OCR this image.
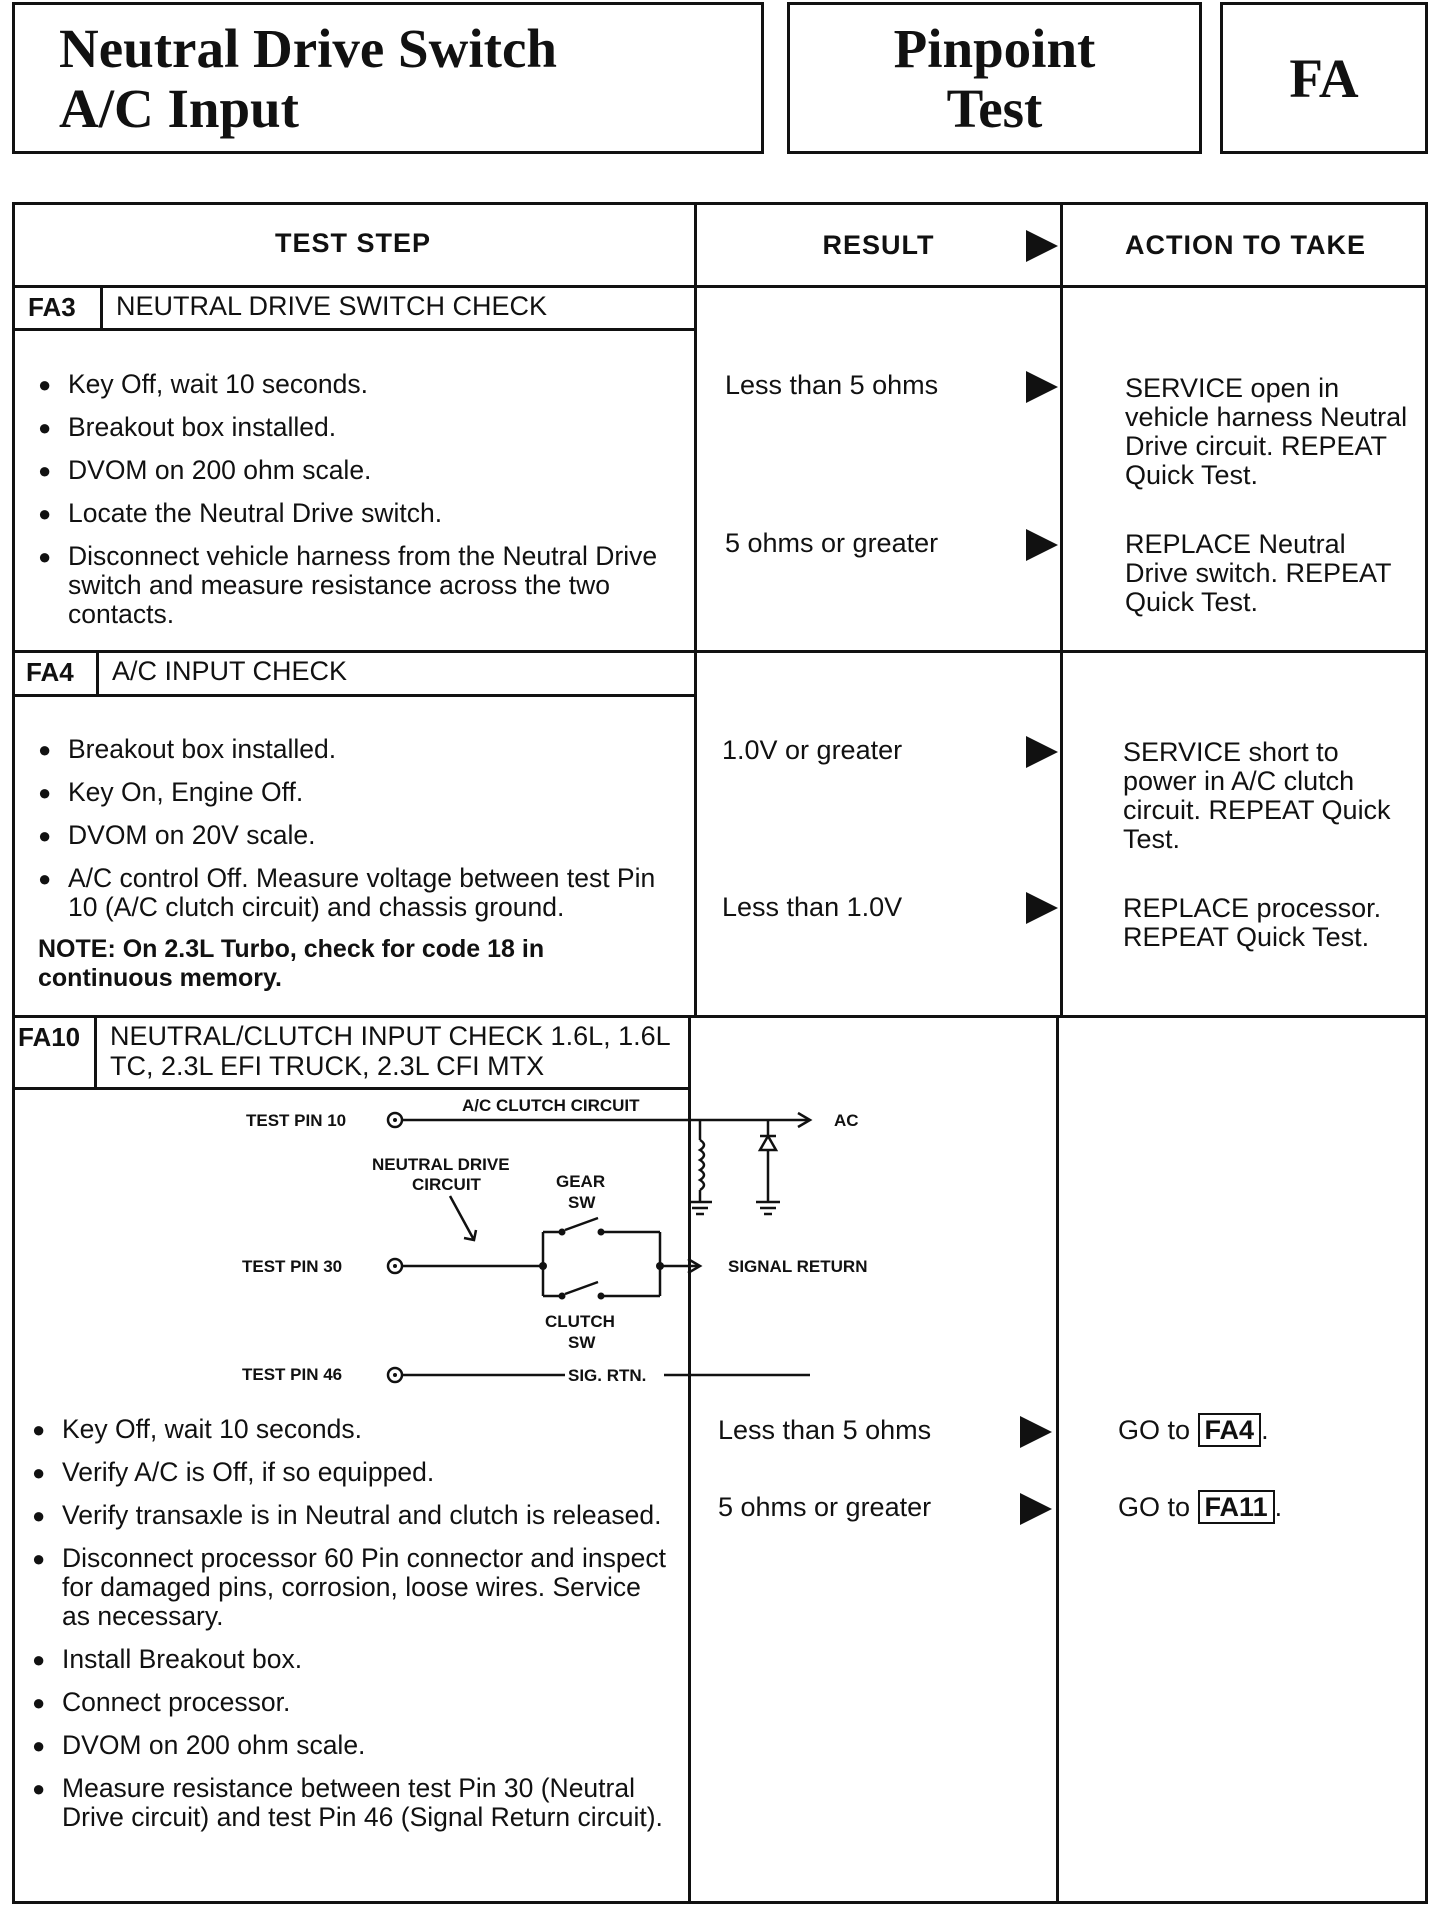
Neutral Drive Switch
A/C Input
Pinpoint
Test	FA
TEST STEP	RESULT	ACTION TO TAKE
FA3 NEUTRAL DRIVE SWITCH CHECK
● Key Off, wait 10 seconds.
● Breakout box installed.
● DVOM on 200 ohm scale.
● Locate the Neutral Drive switch.
● Disconnect vehicle harness from the Neutral Drive switch and measure resistance across the two contacts.
Less than 5 ohms	SERVICE open in vehicle harness Neutral Drive circuit. REPEAT Quick Test.
5 ohms or greater	REPLACE Neutral Drive switch. REPEAT Quick Test.
FA4 A/C INPUT CHECK
● Breakout box installed.
● Key On, Engine Off.
● DVOM on 20V scale.
● A/C control Off. Measure voltage between test Pin 10 (A/C clutch circuit) and chassis ground.
NOTE: On 2.3L Turbo, check for code 18 in continuous memory.
1.0V or greater	SERVICE short to power in A/C clutch circuit. REPEAT Quick Test.
Less than 1.0V	REPLACE processor. REPEAT Quick Test.
FA10 NEUTRAL/CLUTCH INPUT CHECK 1.6L, 1.6L TC, 2.3L EFI TRUCK, 2.3L CFI MTX
TEST PIN 10
A/C CLUTCH CIRCUIT
AC
NEUTRAL DRIVE
CIRCUIT	GEAR
SW
TEST PIN 30	SIGNAL RETURN
CLUTCH
SW
TEST PIN 46	SIG. RTN.
● Key Off, wait 10 seconds.
● Verify A/C is Off, if so equipped.
● Verify transaxle is in Neutral and clutch is released.
● Disconnect processor 60 Pin connector and inspect for damaged pins, corrosion, loose wires. Service as necessary.
● Install Breakout box.
● Connect processor.
● DVOM on 200 ohm scale.
● Measure resistance between test Pin 30 (Neutral Drive circuit) and test Pin 46 (Signal Return circuit).
Less than 5 ohms	GO to FA4 .
5 ohms or greater	GO to FA11 .
